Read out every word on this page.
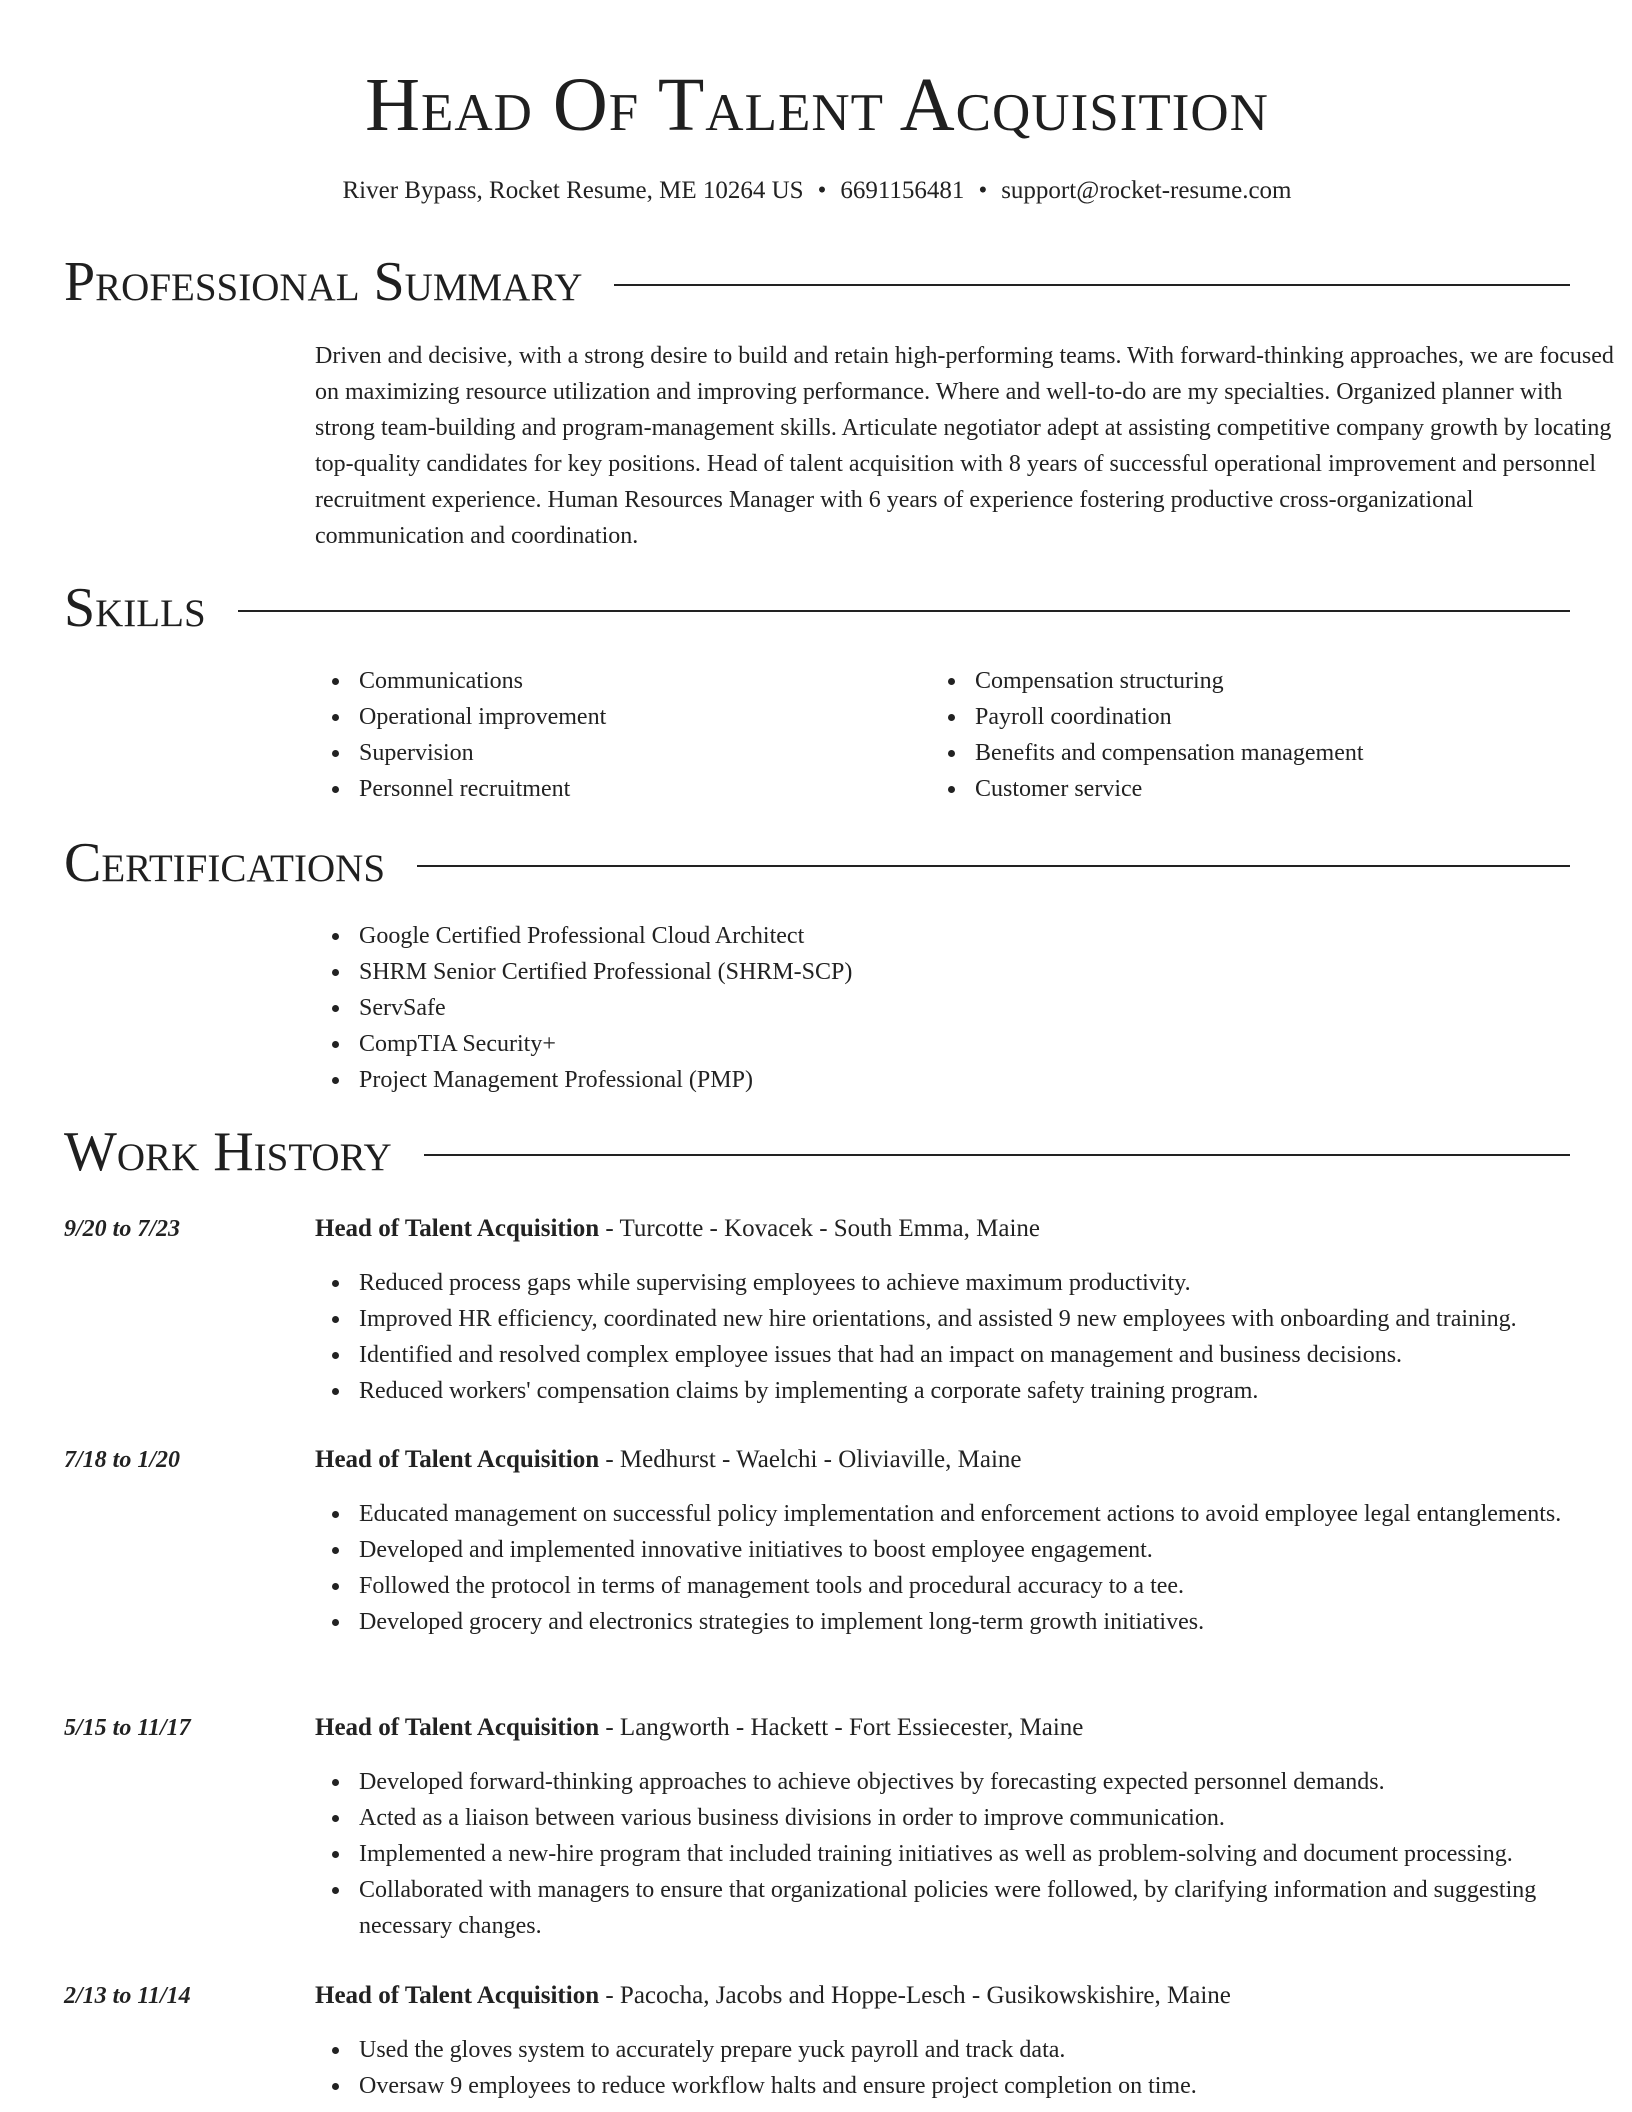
Head Of Talent Acquisition
River Bypass, Rocket Resume, ME 10264 US • 6691156481 • support@rocket-resume.com
Professional Summary
Driven and decisive, with a strong desire to build and retain high-performing teams. With forward-thinking approaches, we are focused on maximizing resource utilization and improving performance. Where and well-to-do are my specialties. Organized planner with strong team-building and program-management skills. Articulate negotiator adept at assisting competitive company growth by locating top-quality candidates for key positions. Head of talent acquisition with 8 years of successful operational improvement and personnel recruitment experience. Human Resources Manager with 6 years of experience fostering productive cross-organizational communication and coordination.
Skills
Communications
Operational improvement
Supervision
Personnel recruitment
Compensation structuring
Payroll coordination
Benefits and compensation management
Customer service
Certifications
Google Certified Professional Cloud Architect
SHRM Senior Certified Professional (SHRM-SCP)
ServSafe
CompTIA Security+
Project Management Professional (PMP)
Work History
9/20 to 7/23	Head of Talent Acquisition - Turcotte - Kovacek - South Emma, Maine
Reduced process gaps while supervising employees to achieve maximum productivity.
Improved HR efficiency, coordinated new hire orientations, and assisted 9 new employees with onboarding and training.
Identified and resolved complex employee issues that had an impact on management and business decisions.
Reduced workers' compensation claims by implementing a corporate safety training program.
7/18 to 1/20	Head of Talent Acquisition - Medhurst - Waelchi - Oliviaville, Maine
Educated management on successful policy implementation and enforcement actions to avoid employee legal entanglements.
Developed and implemented innovative initiatives to boost employee engagement.
Followed the protocol in terms of management tools and procedural accuracy to a tee.
Developed grocery and electronics strategies to implement long-term growth initiatives.
5/15 to 11/17	Head of Talent Acquisition - Langworth - Hackett - Fort Essiecester, Maine
Developed forward-thinking approaches to achieve objectives by forecasting expected personnel demands.
Acted as a liaison between various business divisions in order to improve communication.
Implemented a new-hire program that included training initiatives as well as problem-solving and document processing.
Collaborated with managers to ensure that organizational policies were followed, by clarifying information and suggesting necessary changes.
2/13 to 11/14	Head of Talent Acquisition - Pacocha, Jacobs and Hoppe-Lesch - Gusikowskishire, Maine
Used the gloves system to accurately prepare yuck payroll and track data.
Oversaw 9 employees to reduce workflow halts and ensure project completion on time.
